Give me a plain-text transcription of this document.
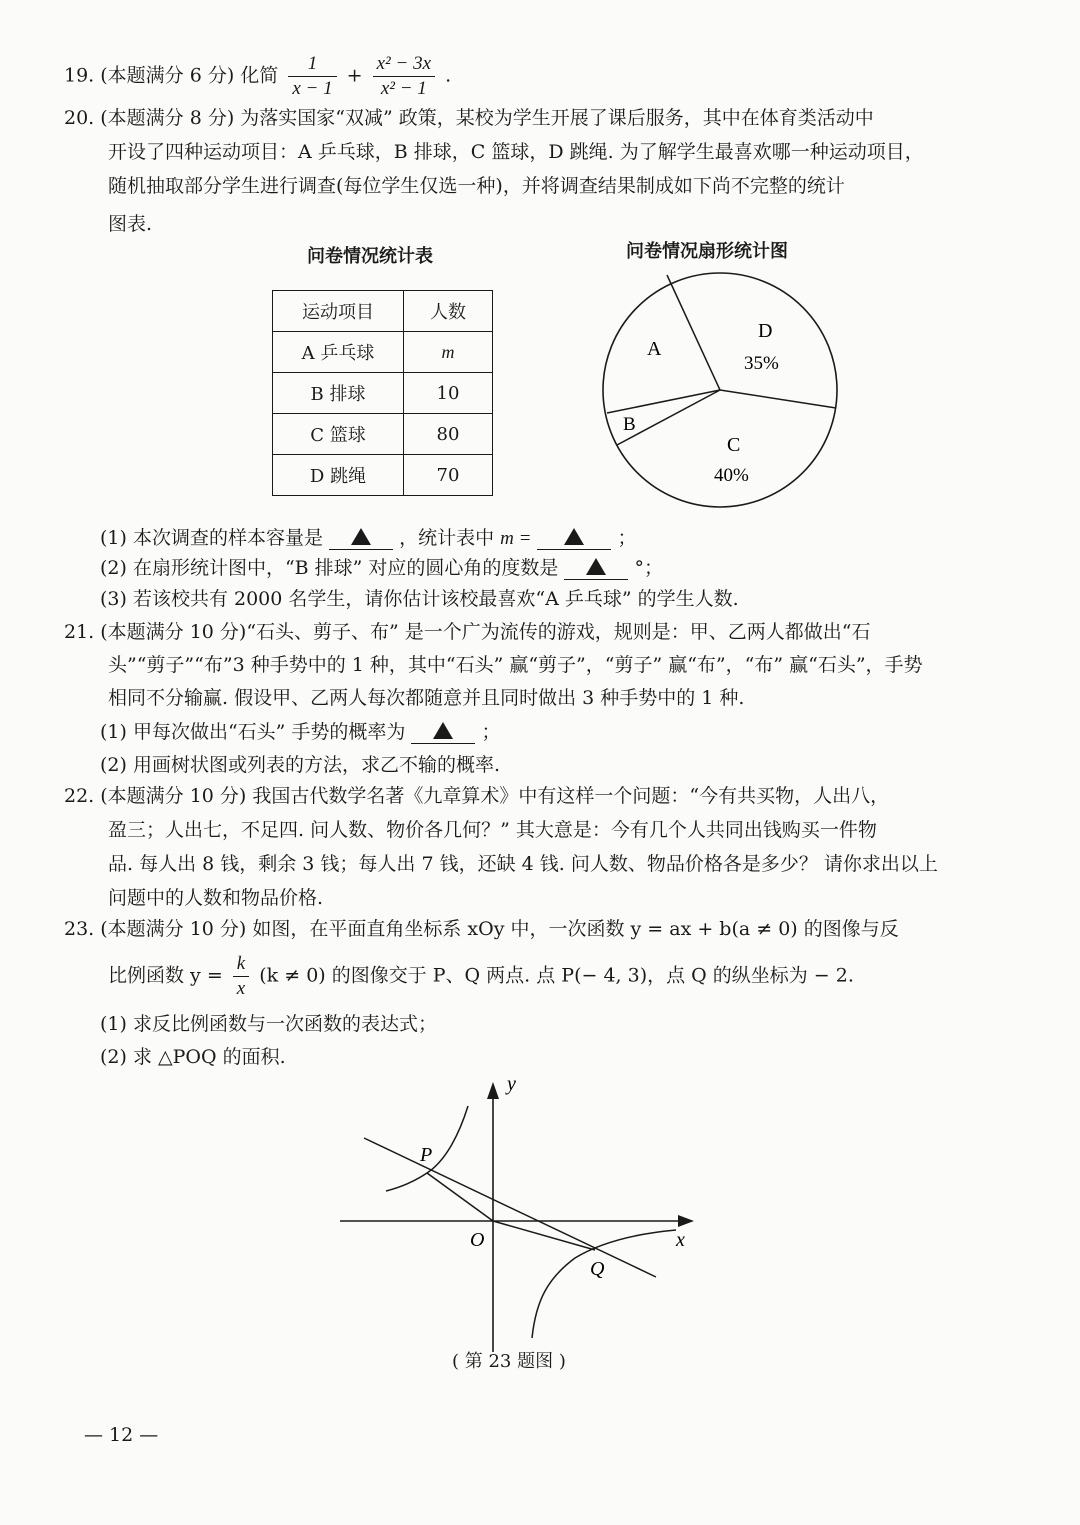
19. (本题满分 6 分) 化简 $\frac{1}{x - 1} + \frac{\text{x² − 3x}}{\text{x² − 1}}$ .
20. (本题满分 8 分) 为落实国家“双减” 政策，某校为学生开展了课后服务，其中在体育类活动中
开设了四种运动项目：A 乒乓球，B 排球，C 篮球，D 跳绳. 为了解学生最喜欢哪一种运动项目，
随机抽取部分学生进行调查(每位学生仅选一种)，并将调查结果制成如下尚不完整的统计
图表.
问卷情况统计表	问卷情况扇形统计图
运动项目	人数
A 乒乓球	m
B 排球	10
C 篮球	80
D 跳绳	70
A
D
35%
B
C
40%
(1) 本次调查的样本容量是	，统计表中 m =	；
(2) 在扇形统计图中，“B 排球” 对应的圆心角的度数是	°；
(3) 若该校共有 2000 名学生，请你估计该校最喜欢“A 乒乓球” 的学生人数.
21. (本题满分 10 分)“石头、剪子、布” 是一个广为流传的游戏，规则是：甲、乙两人都做出“石
头”“剪子”“布”3 种手势中的 1 种，其中“石头” 赢“剪子”，“剪子” 赢“布”，“布” 赢“石头”，手势
相同不分输赢. 假设甲、乙两人每次都随意并且同时做出 3 种手势中的 1 种.
(1) 甲每次做出“石头” 手势的概率为	；
(2) 用画树状图或列表的方法，求乙不输的概率.
22. (本题满分 10 分) 我国古代数学名著《九章算术》中有这样一个问题：“今有共买物，人出八，
盈三；人出七，不足四. 问人数、物价各几何？” 其大意是：今有几个人共同出钱购买一件物
品. 每人出 8 钱，剩余 3 钱；每人出 7 钱，还缺 4 钱. 问人数、物品价格各是多少？ 请你求出以上
问题中的人数和物品价格.
23. (本题满分 10 分) 如图，在平面直角坐标系 xOy 中，一次函数 y = ax + b(a ≠ 0) 的图像与反
比例函数 $y = \frac{k}{x} (k \ne 0)$ 的图像交于 P、Q 两点. 点 P(− 4, 3)，点 Q 的纵坐标为 − 2.
(1) 求反比例函数与一次函数的表达式；
(2) 求 △POQ 的面积.
y
x
O
P
Q
( 第 23 题图 )
— 12 —
